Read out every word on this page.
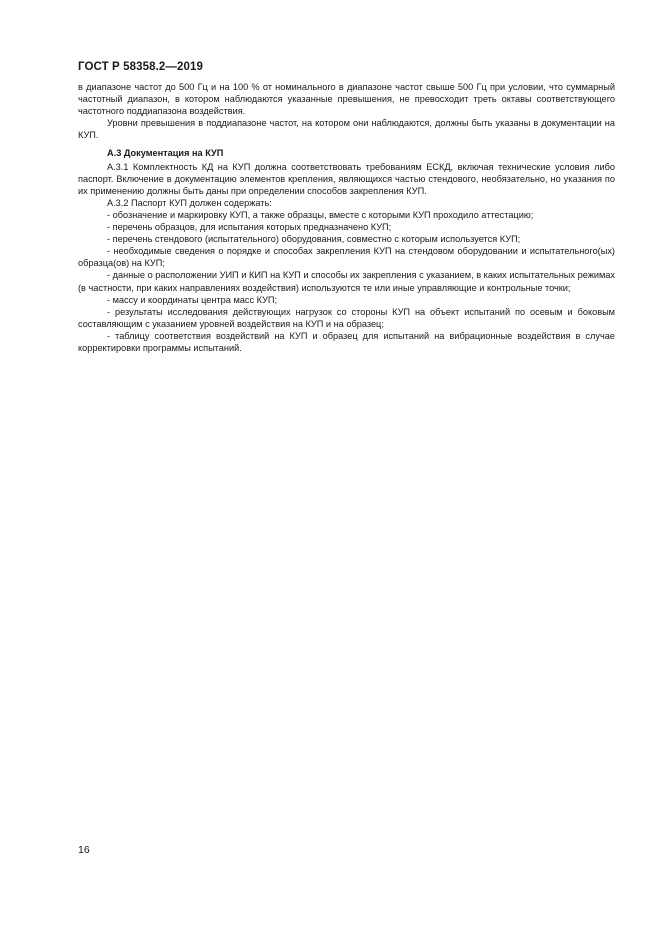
ГОСТ Р 58358.2—2019

в диапазоне частот до 500 Гц и на 100 % от номинального в диапазоне частот свыше 500 Гц при условии, что суммарный частотный диапазон, в котором наблюдаются указанные превышения, не превосходит треть октавы соответствующего частотного поддиапазона воздействия.

Уровни превышения в поддиапазоне частот, на котором они наблюдаются, должны быть указаны в документации на КУП.

А.3 Документация на КУП

А.3.1 Комплектность КД на КУП должна соответствовать требованиям ЕСКД, включая технические условия либо паспорт. Включение в документацию элементов крепления, являющихся частью стендового, необязательно, но указания по их применению должны быть даны при определении способов закрепления КУП.

А.3.2 Паспорт КУП должен содержать:

- обозначение и маркировку КУП, а также образцы, вместе с которыми КУП проходило аттестацию;

- перечень образцов, для испытания которых предназначено КУП;

- перечень стендового (испытательного) оборудования, совместно с которым используется КУП;

- необходимые сведения о порядке и способах закрепления КУП на стендовом оборудовании и испытательного(ых) образца(ов) на КУП;

- данные о расположении УИП и КИП на КУП и способы их закрепления с указанием, в каких испытательных режимах (в частности, при каких направлениях воздействия) используются те или иные управляющие и контрольные точки;

- массу и координаты центра масс КУП;

- результаты исследования действующих нагрузок со стороны КУП на объект испытаний по осевым и боковым составляющим с указанием уровней воздействия на КУП и на образец;

- таблицу соответствия воздействий на КУП и образец для испытаний на вибрационные воздействия в случае корректировки программы испытаний.

16
